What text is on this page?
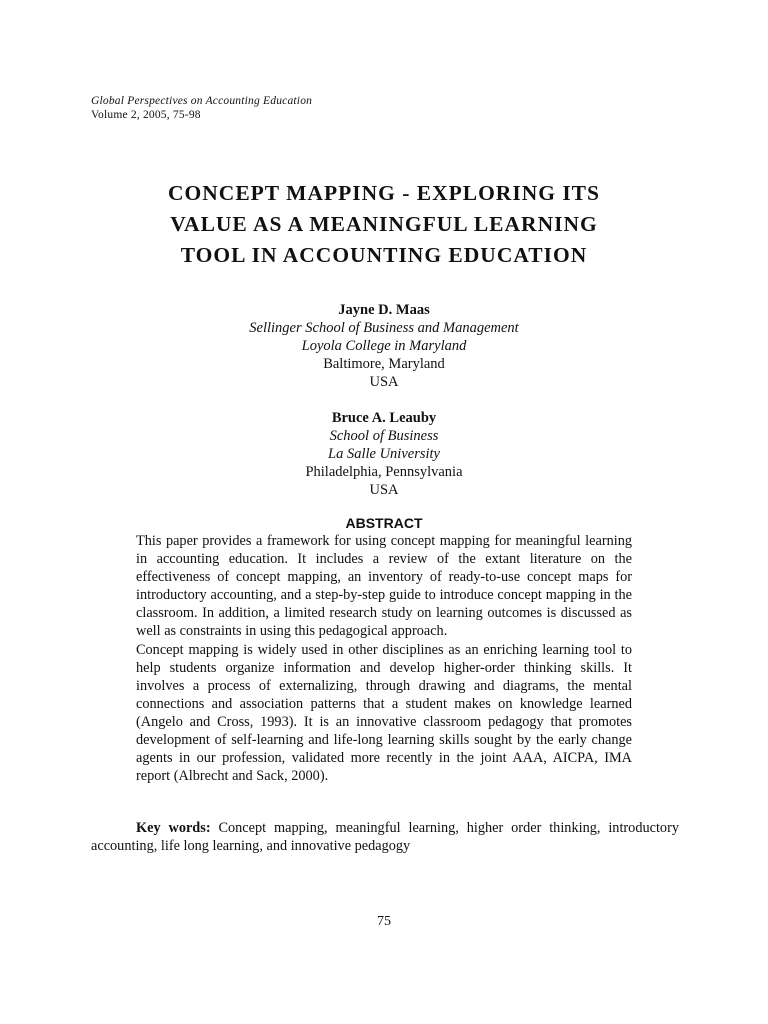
Global Perspectives on Accounting Education
Volume 2, 2005, 75-98
CONCEPT MAPPING - EXPLORING ITS
VALUE AS A MEANINGFUL LEARNING
TOOL IN ACCOUNTING EDUCATION
Jayne D. Maas
Sellinger School of Business and Management
Loyola College in Maryland
Baltimore, Maryland
USA
Bruce A. Leauby
School of Business
La Salle University
Philadelphia, Pennsylvania
USA
ABSTRACT

This paper provides a framework for using concept mapping for meaningful learning in accounting education. It includes a review of the extant literature on the effectiveness of concept mapping, an inventory of ready-to-use concept maps for introductory accounting, and a step-by-step guide to introduce concept mapping in the classroom. In addition, a limited research study on learning outcomes is discussed as well as constraints in using this pedagogical approach.

Concept mapping is widely used in other disciplines as an enriching learning tool to help students organize information and develop higher-order thinking skills. It involves a process of externalizing, through drawing and diagrams, the mental connections and association patterns that a student makes on knowledge learned (Angelo and Cross, 1993). It is an innovative classroom pedagogy that promotes development of self-learning and life-long learning skills sought by the early change agents in our profession, validated more recently in the joint AAA, AICPA, IMA report (Albrecht and Sack, 2000).

Key words: Concept mapping, meaningful learning, higher order thinking, introductory accounting, life long learning, and innovative pedagogy
75
